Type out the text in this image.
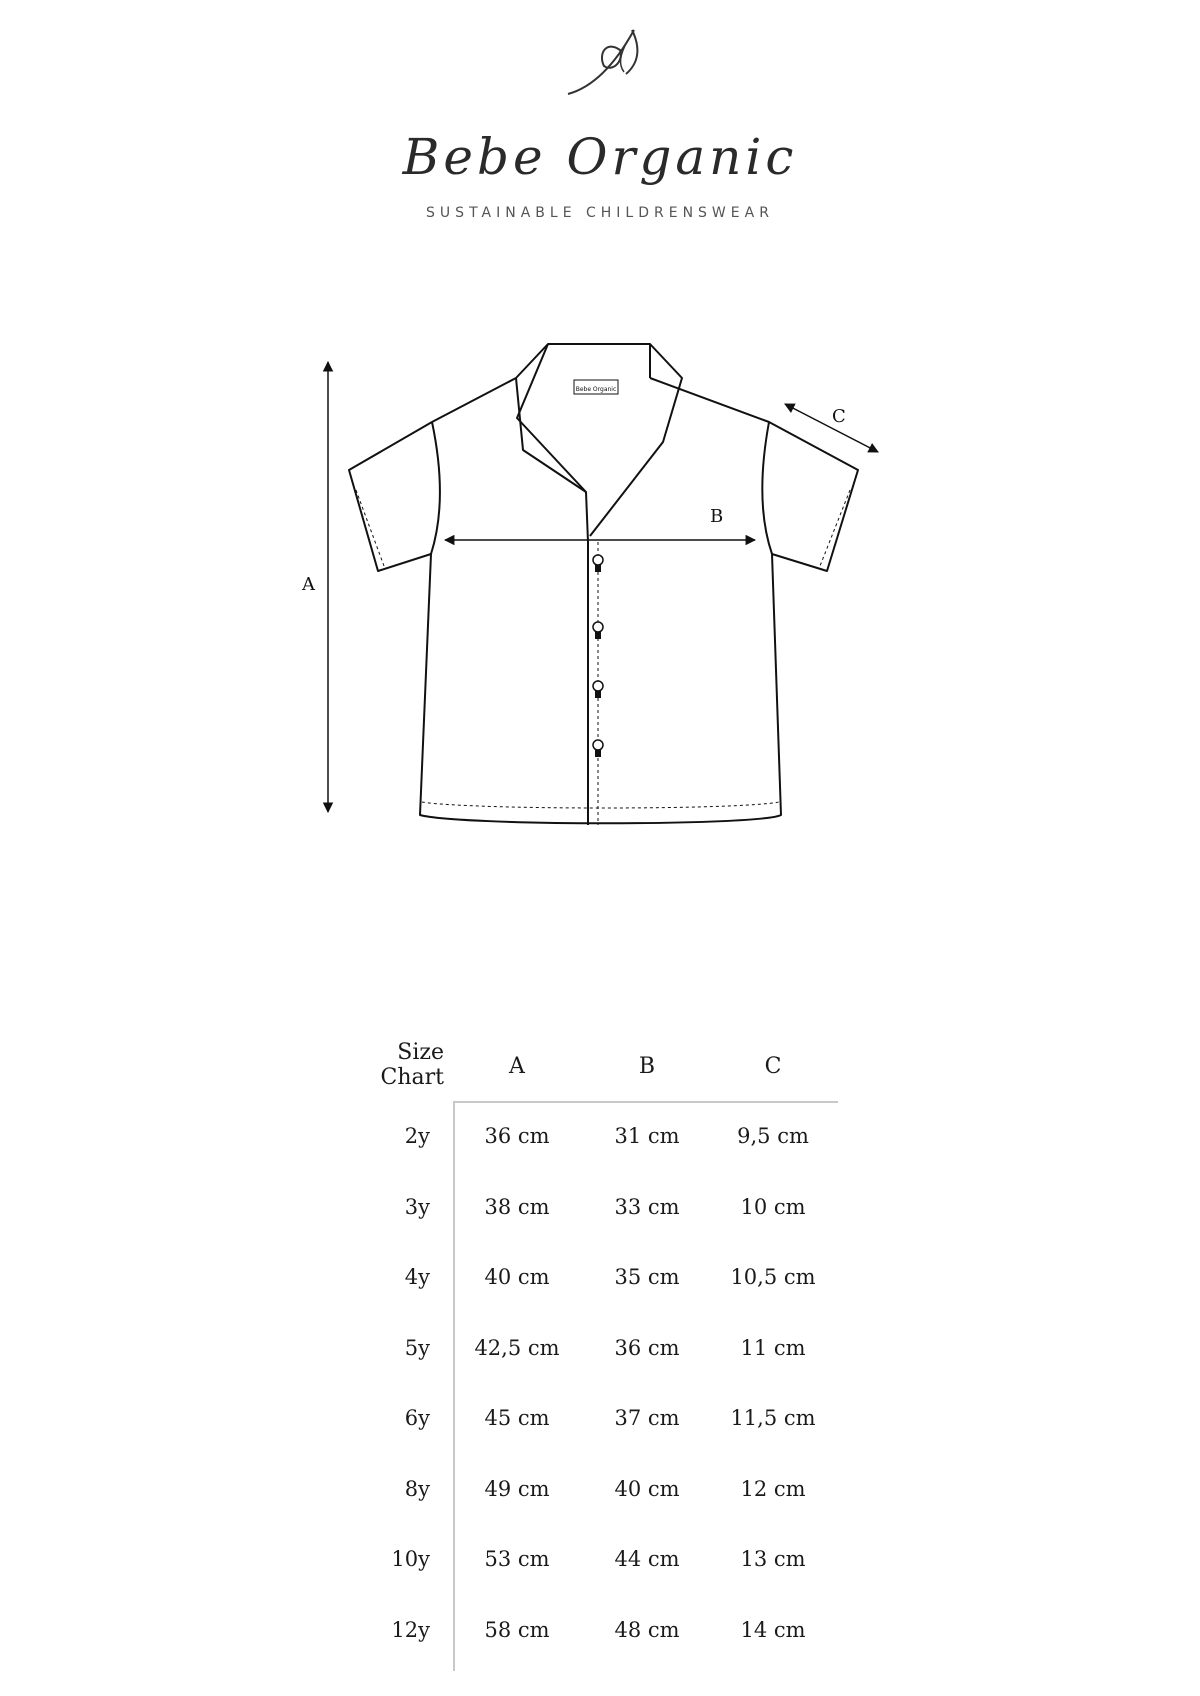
Bebe Organic
SUSTAINABLE CHILDRENSWEAR
Bebe Organic
A
B
C
Size
Chart	A	B	C
2y	36 cm	31 cm	9,5 cm
3y	38 cm	33 cm	10 cm
4y	40 cm	35 cm	10,5 cm
5y	42,5 cm	36 cm	11 cm
6y	45 cm	37 cm	11,5 cm
8y	49 cm	40 cm	12 cm
10y	53 cm	44 cm	13 cm
12y	58 cm	48 cm	14 cm
